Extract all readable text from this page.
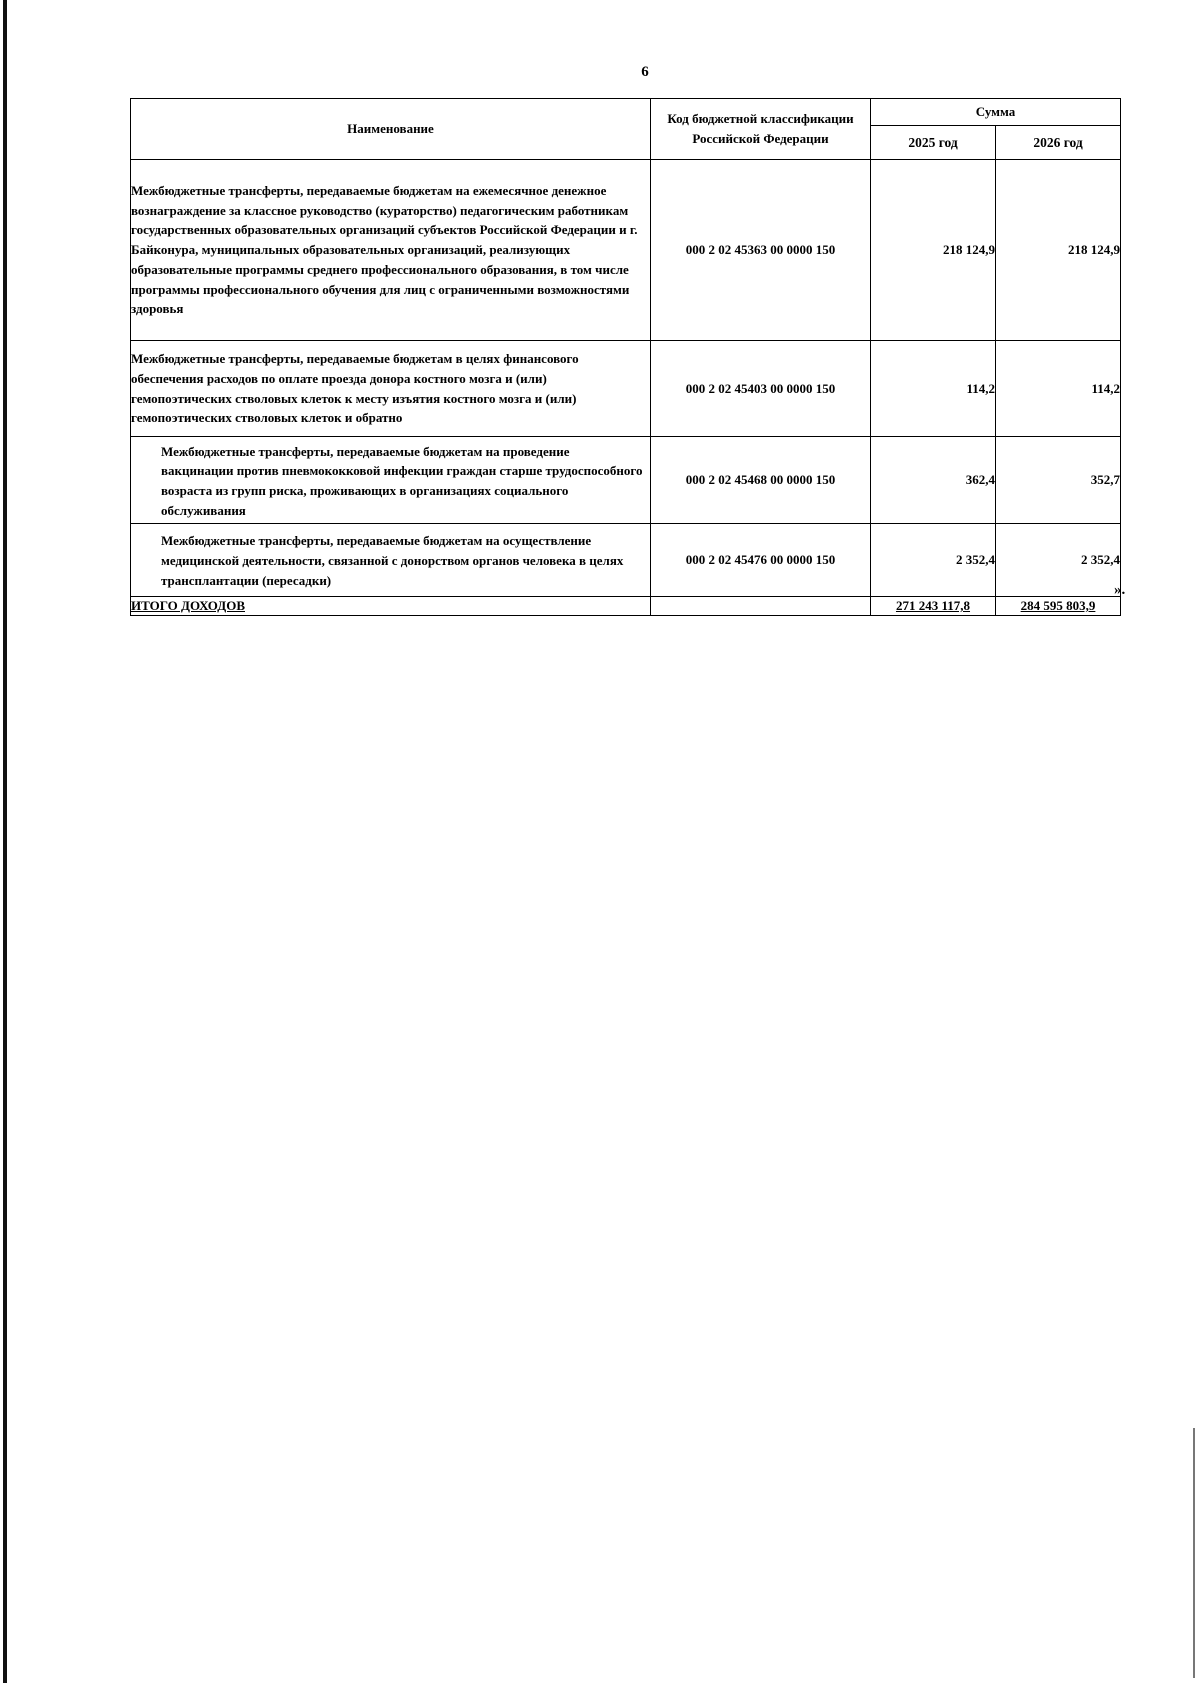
6
Наименование	Код бюджетной классификации Российской Федерации	Сумма	
		2025 год	2026 год
Межбюджетные трансферты, передаваемые бюджетам на ежемесячное денежное вознаграждение за классное руководство (кураторство) педагогическим работникам государственных образовательных организаций субъектов Российской Федерации и г. Байконура, муниципальных образовательных организаций, реализующих образовательные программы среднего профессионального образования, в том числе программы профессионального обучения для лиц с ограниченными возможностями здоровья	000 2 02 45363 00 0000 150	218 124,9	218 124,9
Межбюджетные трансферты, передаваемые бюджетам в целях финансового обеспечения расходов по оплате проезда донора костного мозга и (или) гемопоэтических стволовых клеток к месту изъятия костного мозга и (или) гемопоэтических стволовых клеток и обратно	000 2 02 45403 00 0000 150	114,2	114,2
Межбюджетные трансферты, передаваемые бюджетам на проведение вакцинации против пневмококковой инфекции граждан старше трудоспособного возраста из групп риска, проживающих в организациях социального обслуживания	000 2 02 45468 00 0000 150	362,4	352,7
Межбюджетные трансферты, передаваемые бюджетам на осуществление медицинской деятельности, связанной с донорством органов человека в целях трансплантации (пересадки)	000 2 02 45476 00 0000 150	2 352,4	2 352,4
ИТОГО ДОХОДОВ		271 243 117,8	284 595 803,9
».
